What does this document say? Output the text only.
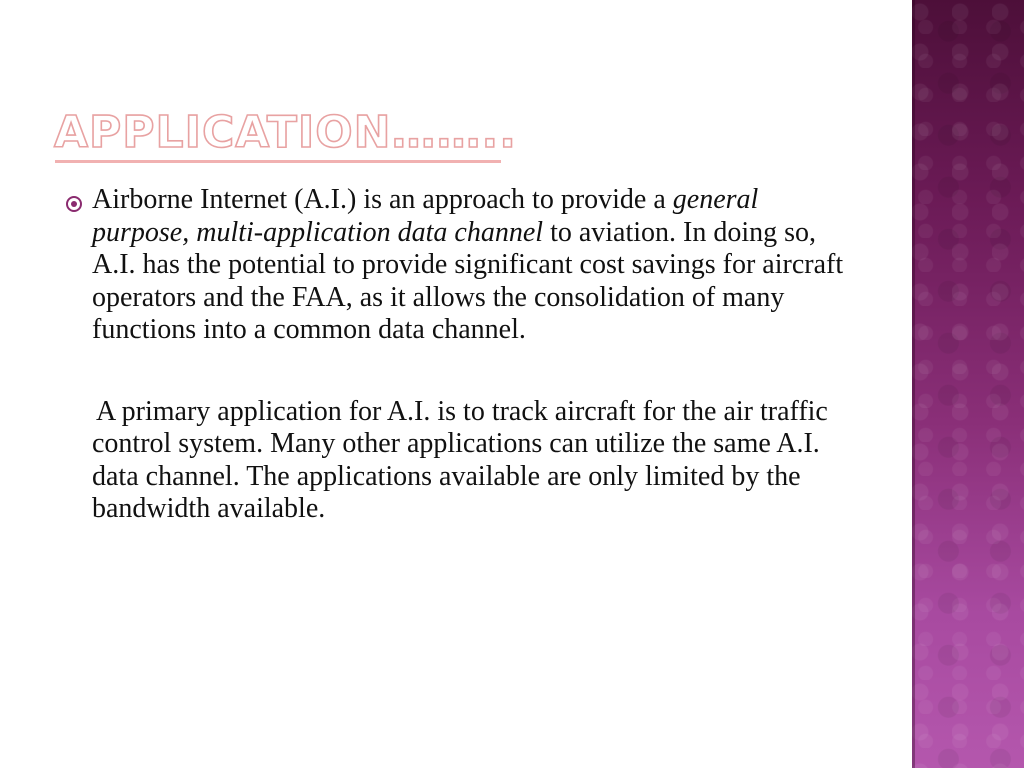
APPLICATION……..

Airborne Internet (A.I.) is an approach to provide a general purpose, multi-application data channel to aviation. In doing so, A.I. has the potential to provide significant cost savings for aircraft operators and the FAA, as it allows the consolidation of many functions into a common data channel.

A primary application for A.I. is to track aircraft for the air traffic control system. Many other applications can utilize the same A.I. data channel. The applications available are only limited by the bandwidth available.
